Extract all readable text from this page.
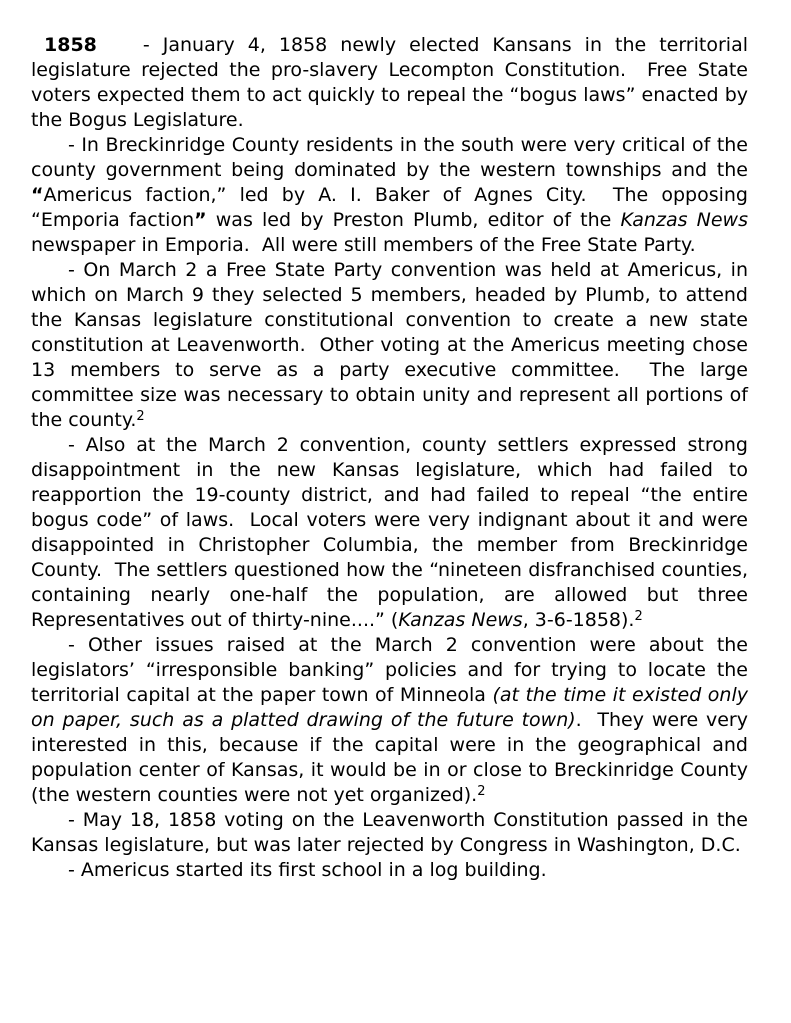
1858 - January 4, 1858 newly elected Kansans in the territorial legislature rejected the pro-slavery Lecompton Constitution.  Free State voters expected them to act quickly to repeal the “bogus laws” enacted by the Bogus Legislature.

- In Breckinridge County residents in the south were very critical of the county government being dominated by the western townships and the “Americus faction,” led by A. I. Baker of Agnes City.  The opposing “Emporia faction” was led by Preston Plumb, editor of the Kanzas News newspaper in Emporia.  All were still members of the Free State Party.

- On March 2 a Free State Party convention was held at Americus, in which on March 9 they selected 5 members, headed by Plumb, to attend the Kansas legislature constitutional convention to create a new state constitution at Leavenworth.  Other voting at the Americus meeting chose 13 members to serve as a party executive committee.  The large committee size was necessary to obtain unity and represent all portions of the county.$^2$

- Also at the March 2 convention, county settlers expressed strong disappointment in the new Kansas legislature, which had failed to reapportion the 19-county district, and had failed to repeal “the entire bogus code” of laws.  Local voters were very indignant about it and were disappointed in Christopher Columbia, the member from Breckinridge County.  The settlers questioned how the “nineteen disfranchised counties, containing nearly one-half the population, are allowed but three Representatives out of thirty-nine....” (Kanzas News, 3-6-1858).$^2$

- Other issues raised at the March 2 convention were about the legislators’ “irresponsible banking” policies and for trying to locate the territorial capital at the paper town of Minneola (at the time it existed only on paper, such as a platted drawing of the future town).  They were very interested in this, because if the capital were in the geographical and population center of Kansas, it would be in or close to Breckinridge County (the western counties were not yet organized).$^2$

- May 18, 1858 voting on the Leavenworth Constitution passed in the Kansas legislature, but was later rejected by Congress in Washington, D.C.

- Americus started its first school in a log building.
